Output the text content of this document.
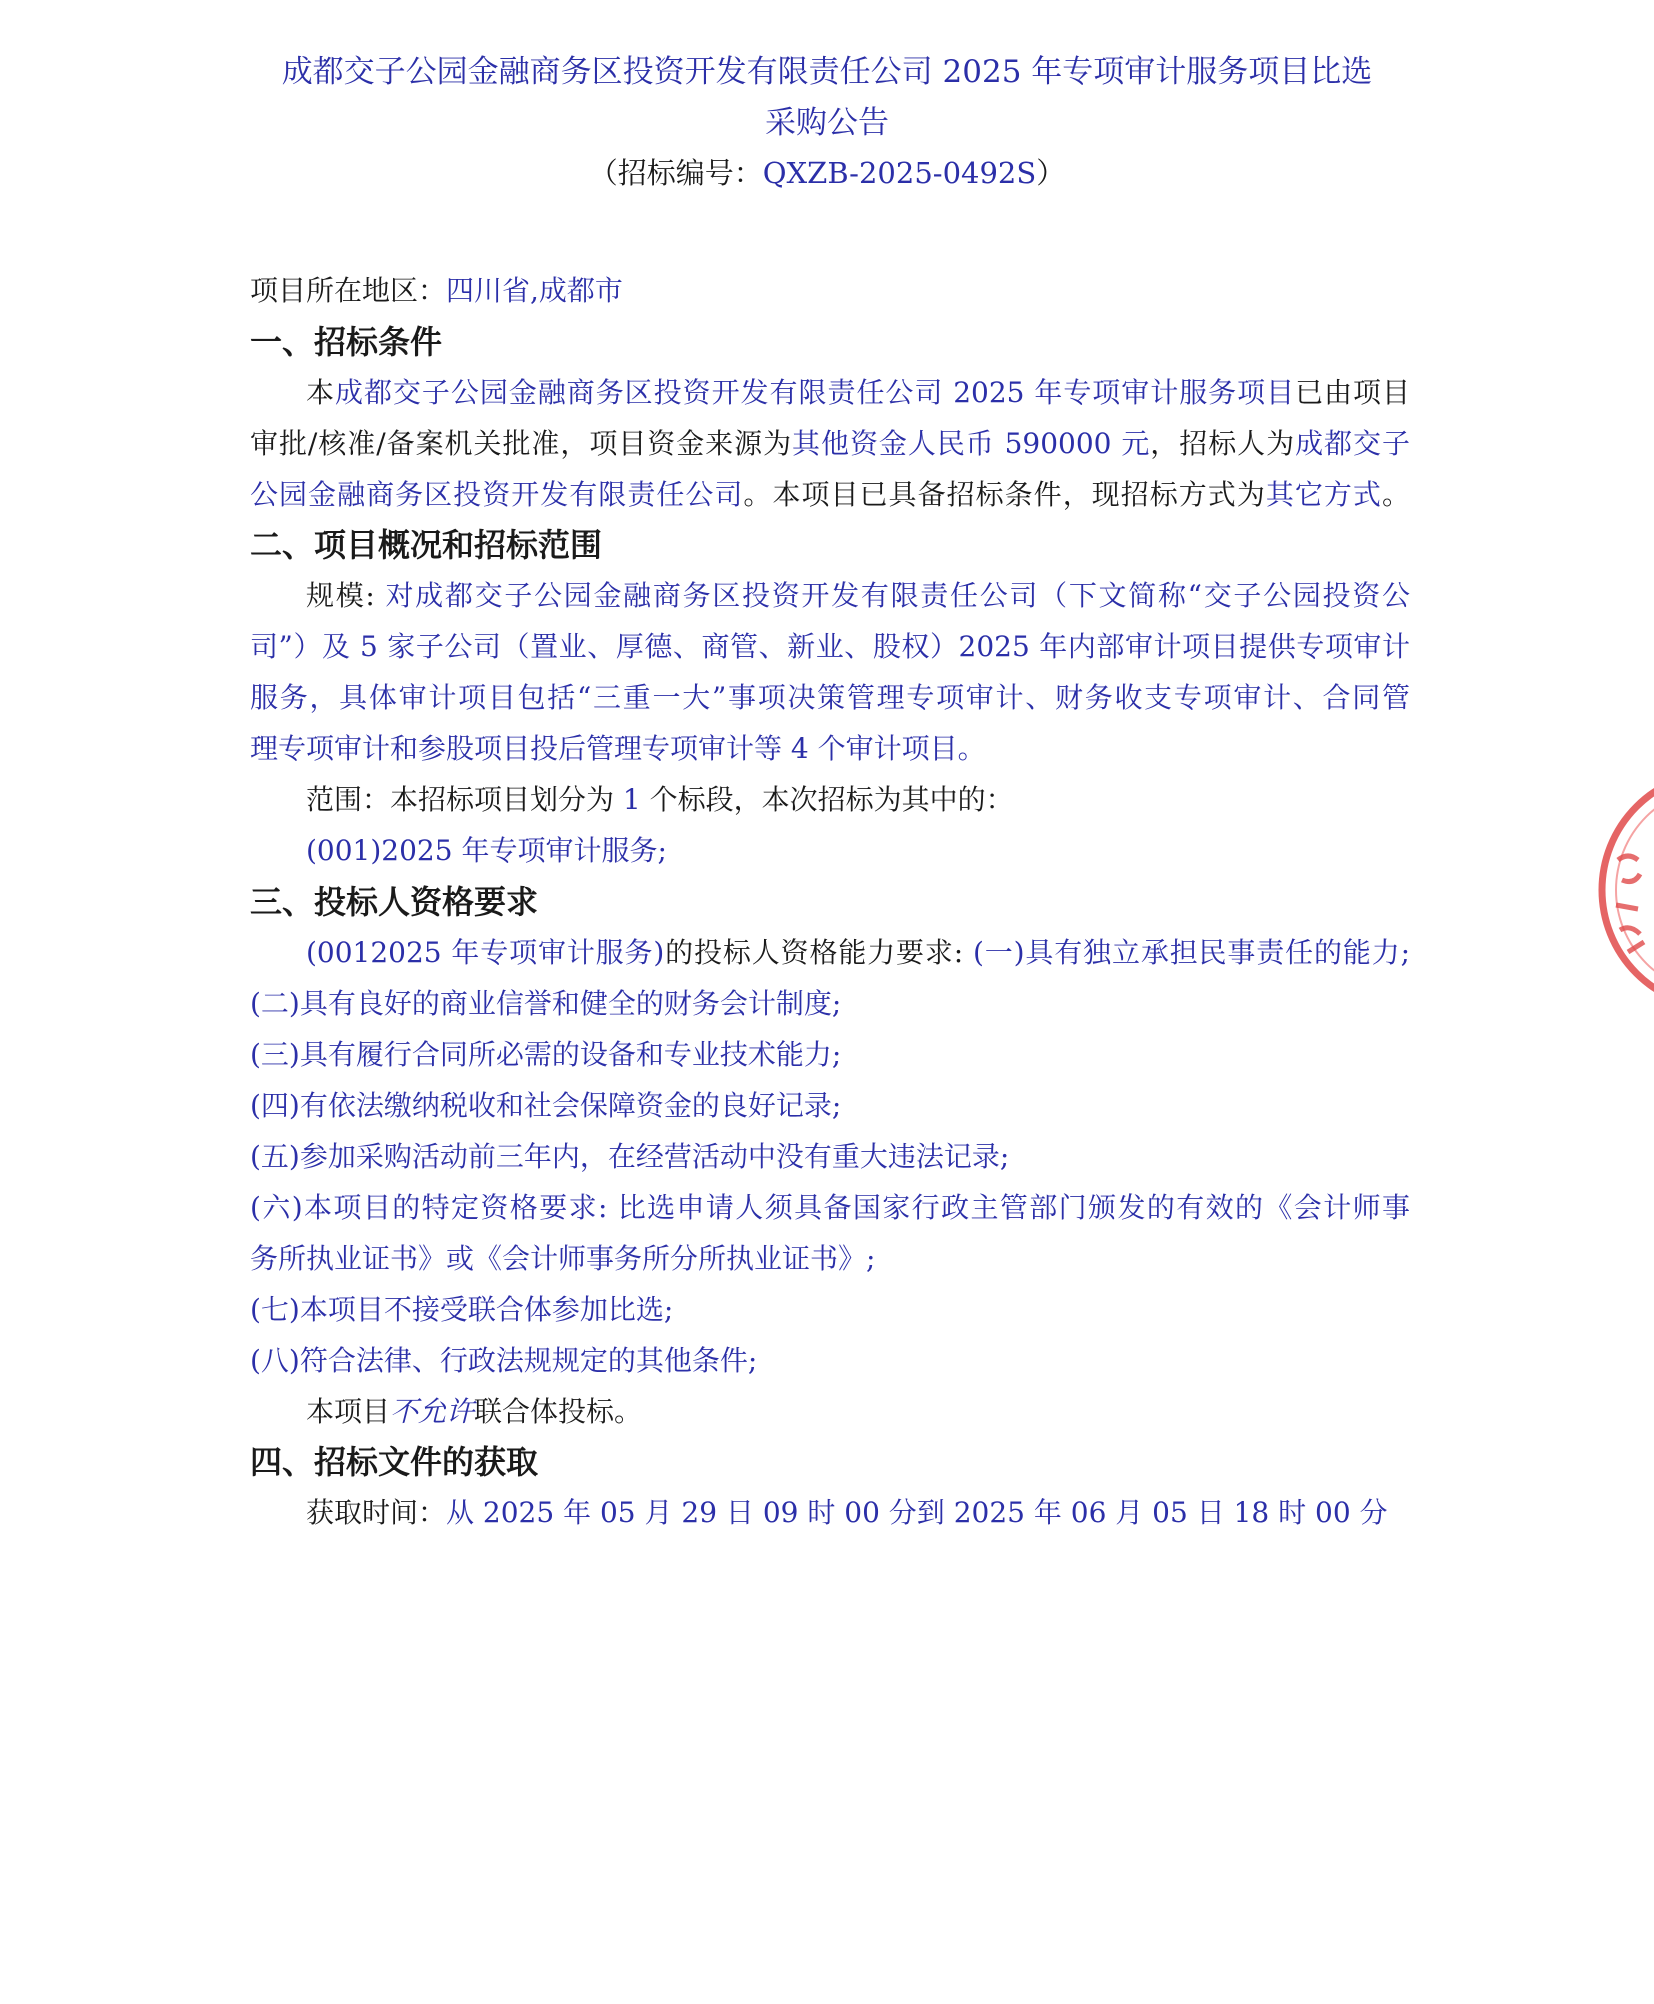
成都交子公园金融商务区投资开发有限责任公司 2025 年专项审计服务项目比选
采购公告
（招标编号：QXZB-2025-0492S）
项目所在地区：四川省,成都市
一、招标条件
本成都交子公园金融商务区投资开发有限责任公司 2025 年专项审计服务项目已由项目
审批/核准/备案机关批准，项目资金来源为其他资金人民币 590000 元，招标人为成都交子
公园金融商务区投资开发有限责任公司。本项目已具备招标条件，现招标方式为其它方式。
二、项目概况和招标范围
规模: 对成都交子公园金融商务区投资开发有限责任公司（下文简称“交子公园投资公
司”）及 5 家子公司（置业、厚德、商管、新业、股权）2025 年内部审计项目提供专项审计
服务，具体审计项目包括“三重一大”事项决策管理专项审计、财务收支专项审计、合同管
理专项审计和参股项目投后管理专项审计等 4 个审计项目。
范围：本招标项目划分为 1 个标段，本次招标为其中的：
(001)2025 年专项审计服务;
三、投标人资格要求
(0012025 年专项审计服务)的投标人资格能力要求: (一)具有独立承担民事责任的能力;
(二)具有良好的商业信誉和健全的财务会计制度;
(三)具有履行合同所必需的设备和专业技术能力;
(四)有依法缴纳税收和社会保障资金的良好记录;
(五)参加采购活动前三年内，在经营活动中没有重大违法记录;
(六)本项目的特定资格要求: 比选申请人须具备国家行政主管部门颁发的有效的《会计师事
务所执业证书》或《会计师事务所分所执业证书》;
(七)本项目不接受联合体参加比选;
(八)符合法律、行政法规规定的其他条件;
本项目不允许联合体投标。
四、招标文件的获取
获取时间：从 2025 年 05 月 29 日 09 时 00 分到 2025 年 06 月 05 日 18 时 00 分
